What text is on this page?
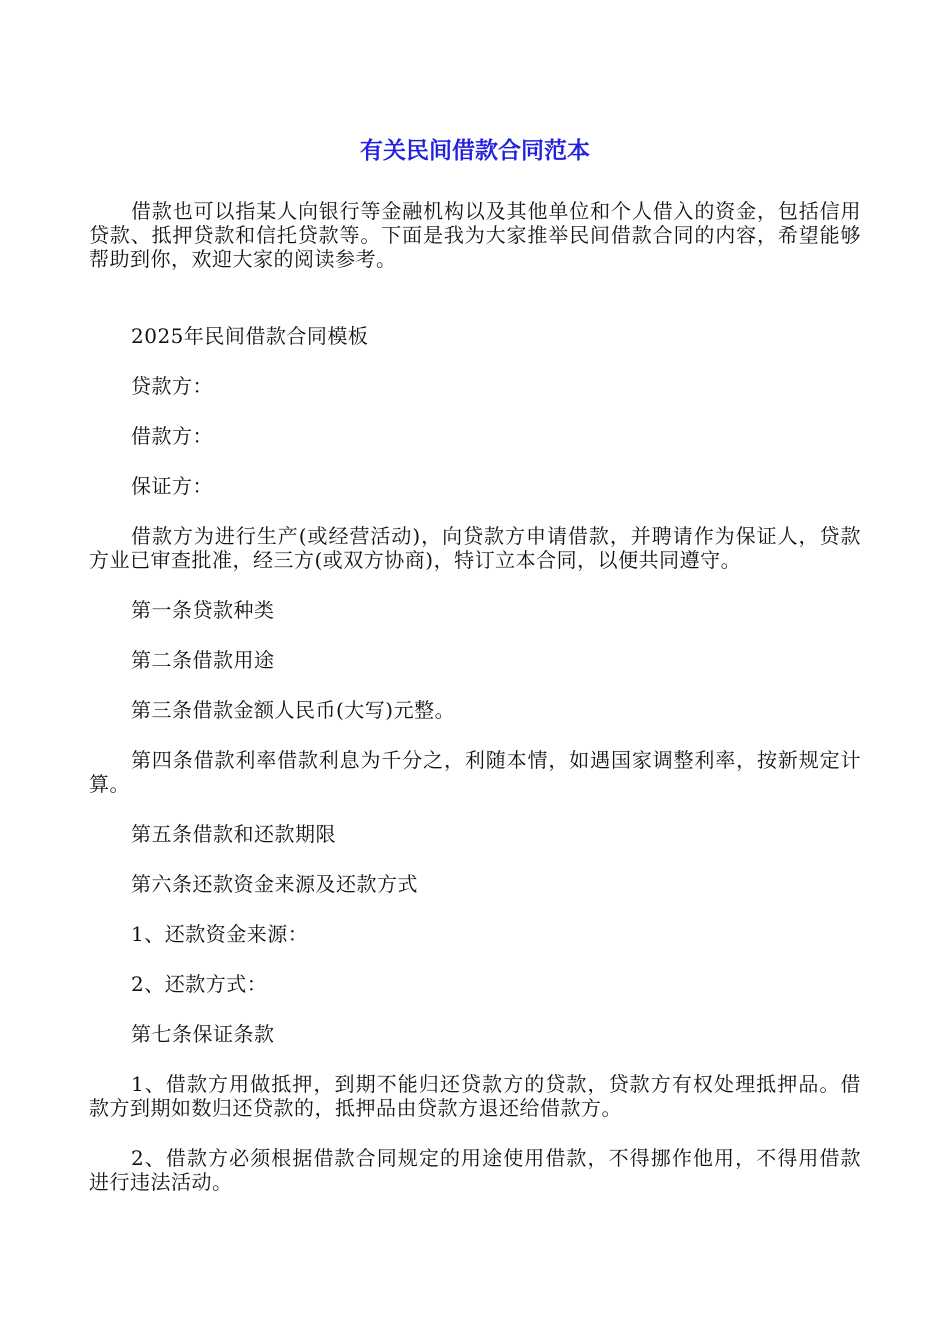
有关民间借款合同范本

借款也可以指某人向银行等金融机构以及其他单位和个人借入的资金，包括信用贷款、抵押贷款和信托贷款等。下面是我为大家推举民间借款合同的内容，希望能够帮助到你，欢迎大家的阅读参考。

2025年民间借款合同模板

贷款方：

借款方：

保证方：

借款方为进行生产(或经营活动)，向贷款方申请借款，并聘请作为保证人，贷款方业已审查批准，经三方(或双方协商)，特订立本合同，以便共同遵守。

第一条贷款种类

第二条借款用途

第三条借款金额人民币(大写)元整。

第四条借款利率借款利息为千分之，利随本情，如遇国家调整利率，按新规定计算。

第五条借款和还款期限

第六条还款资金来源及还款方式

1、还款资金来源：

2、还款方式：

第七条保证条款

1、借款方用做抵押，到期不能归还贷款方的贷款，贷款方有权处理抵押品。借款方到期如数归还贷款的，抵押品由贷款方退还给借款方。

2、借款方必须根据借款合同规定的用途使用借款，不得挪作他用，不得用借款进行违法活动。
